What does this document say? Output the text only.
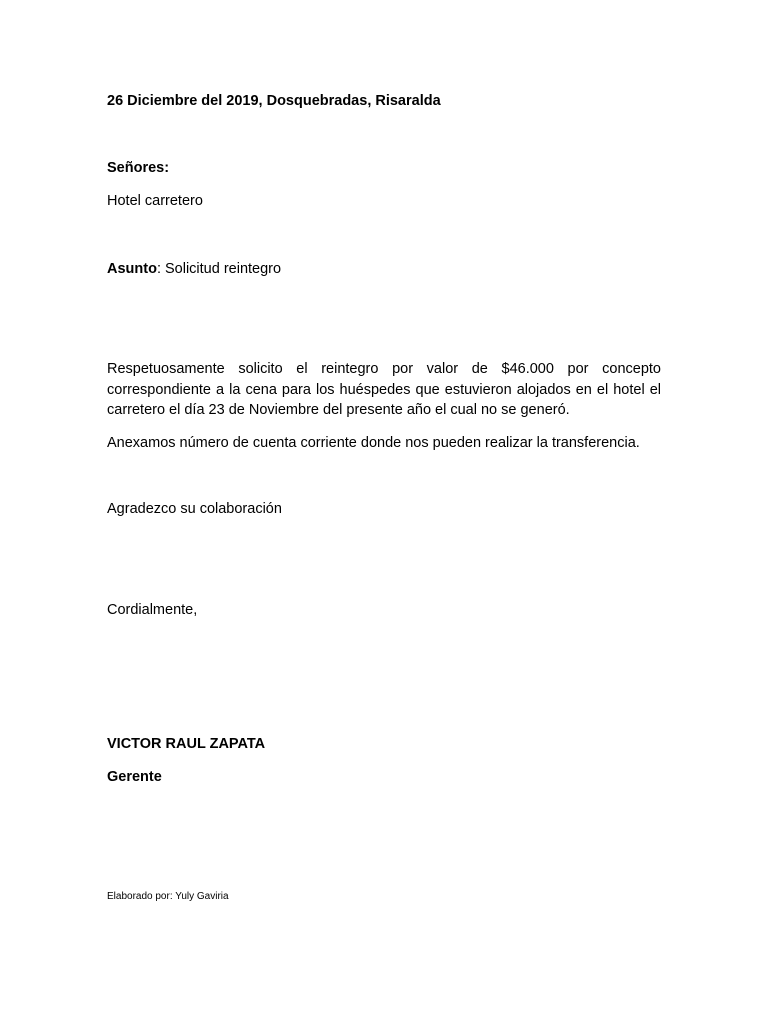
26 Diciembre del 2019, Dosquebradas, Risaralda

Señores:

Hotel carretero

Asunto: Solicitud reintegro

Respetuosamente solicito el reintegro por valor de $46.000 por concepto correspondiente a la cena para los huéspedes que estuvieron alojados en el hotel el carretero el día 23 de Noviembre del presente año el cual no se generó.

Anexamos número de cuenta corriente donde nos pueden realizar la transferencia.

Agradezco su colaboración

Cordialmente,

VICTOR RAUL ZAPATA

Gerente

Elaborado por: Yuly Gaviria
